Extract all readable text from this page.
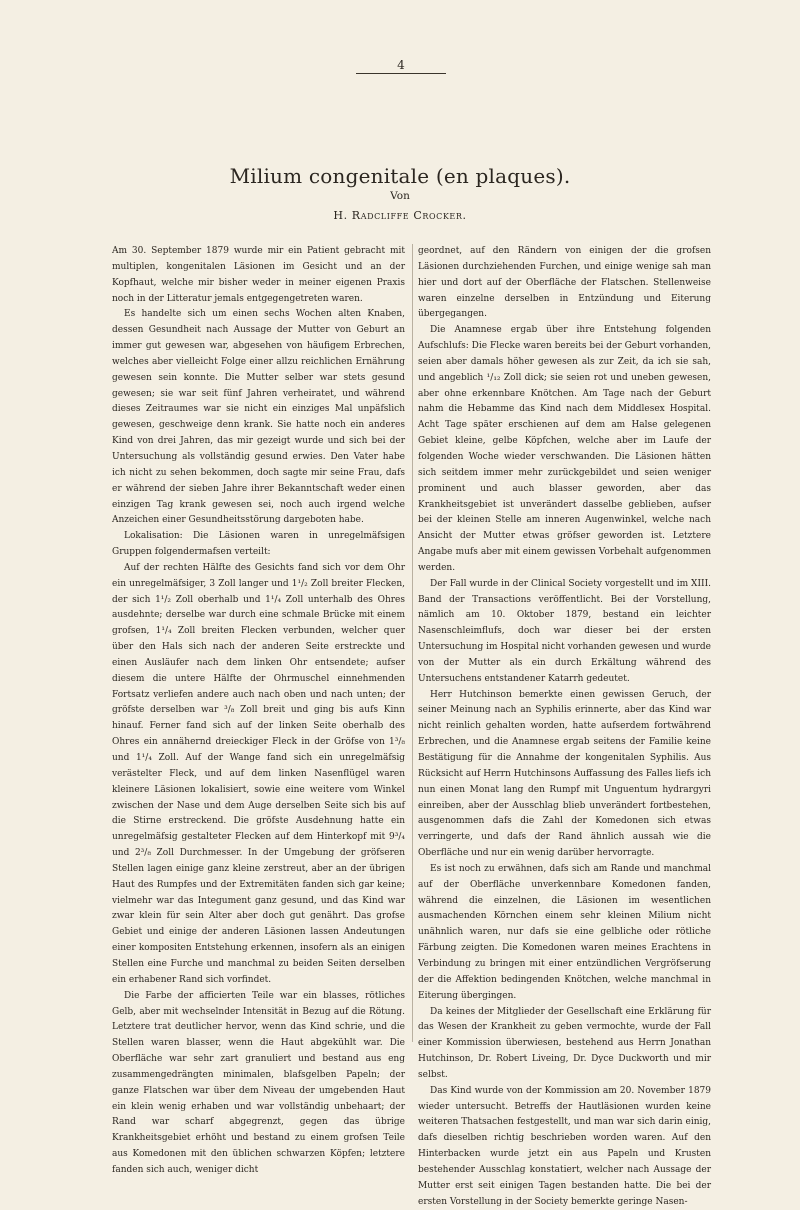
4
Milium congenitale (en plaques).
Von
H. Radcliffe Crocker.

Am 30. September 1879 wurde mir ein Patient gebracht mit multiplen, kongenitalen Läsionen im Gesicht und an der Kopfhaut, welche mir bisher weder in meiner eigenen Praxis noch in der Litteratur jemals entgegengetreten waren.

Es handelte sich um einen sechs Wochen alten Knaben, dessen Gesundheit nach Aussage der Mutter von Geburt an immer gut gewesen war, abgesehen von häufigem Erbrechen, welches aber vielleicht Folge einer allzu reichlichen Ernährung gewesen sein konnte. Die Mutter selber war stets gesund gewesen; sie war seit fünf Jahren verheiratet, und während dieses Zeitraumes war sie nicht ein einziges Mal unpäfslich gewesen, geschweige denn krank. Sie hatte noch ein anderes Kind von drei Jahren, das mir gezeigt wurde und sich bei der Untersuchung als vollständig gesund erwies. Den Vater habe ich nicht zu sehen bekommen, doch sagte mir seine Frau, dafs er während der sieben Jahre ihrer Bekanntschaft weder einen einzigen Tag krank gewesen sei, noch auch irgend welche Anzeichen einer Gesundheitsstörung dargeboten habe.

Lokalisation: Die Läsionen waren in unregelmäfsigen Gruppen folgendermafsen verteilt:

Auf der rechten Hälfte des Gesichts fand sich vor dem Ohr ein unregelmäfsiger, 3 Zoll langer und 1¹/₂ Zoll breiter Flecken, der sich 1¹/₂ Zoll oberhalb und 1¹/₄ Zoll unterhalb des Ohres ausdehnte; derselbe war durch eine schmale Brücke mit einem grofsen, 1¹/₄ Zoll breiten Flecken verbunden, welcher quer über den Hals sich nach der anderen Seite erstreckte und einen Ausläufer nach dem linken Ohr entsendete; aufser diesem die untere Hälfte der Ohrmuschel einnehmenden Fortsatz verliefen andere auch nach oben und nach unten; der gröfste derselben war ³/₈ Zoll breit und ging bis aufs Kinn hinauf. Ferner fand sich auf der linken Seite oberhalb des Ohres ein annähernd dreieckiger Fleck in der Gröfse von 1³/₈ und 1¹/₄ Zoll. Auf der Wange fand sich ein unregelmäfsig verästelter Fleck, und auf dem linken Nasenflügel waren kleinere Läsionen lokalisiert, sowie eine weitere vom Winkel zwischen der Nase und dem Auge derselben Seite sich bis auf die Stirne erstreckend. Die gröfste Ausdehnung hatte ein unregelmäfsig gestalteter Flecken auf dem Hinterkopf mit 9³/₄ und 2³/₈ Zoll Durchmesser. In der Umgebung der gröfseren Stellen lagen einige ganz kleine zerstreut, aber an der übrigen Haut des Rumpfes und der Extremitäten fanden sich gar keine; vielmehr war das Integument ganz gesund, und das Kind war zwar klein für sein Alter aber doch gut genährt. Das grofse Gebiet und einige der anderen Läsionen lassen Andeutungen einer kompositen Entstehung erkennen, insofern als an einigen Stellen eine Furche und manchmal zu beiden Seiten derselben ein erhabener Rand sich vorfindet.

Die Farbe der afficierten Teile war ein blasses, rötliches Gelb, aber mit wechselnder Intensität in Bezug auf die Rötung. Letztere trat deutlicher hervor, wenn das Kind schrie, und die Stellen waren blasser, wenn die Haut abgekühlt war. Die Oberfläche war sehr zart granuliert und bestand aus eng zusammengedrängten minimalen, blafsgelben Papeln; der ganze Flatschen war über dem Niveau der umgebenden Haut ein klein wenig erhaben und war vollständig unbehaart; der Rand war scharf abgegrenzt, gegen das übrige Krankheitsgebiet erhöht und bestand zu einem grofsen Teile aus Komedonen mit den üblichen schwarzen Köpfen; letztere fanden sich auch, weniger dicht

geordnet, auf den Rändern von einigen der die grofsen Läsionen durchziehenden Furchen, und einige wenige sah man hier und dort auf der Oberfläche der Flatschen. Stellenweise waren einzelne derselben in Entzündung und Eiterung übergegangen.

Die Anamnese ergab über ihre Entstehung folgenden Aufschlufs: Die Flecke waren bereits bei der Geburt vorhanden, seien aber damals höher gewesen als zur Zeit, da ich sie sah, und angeblich ¹/₁₂ Zoll dick; sie seien rot und uneben gewesen, aber ohne erkennbare Knötchen. Am Tage nach der Geburt nahm die Hebamme das Kind nach dem Middlesex Hospital. Acht Tage später erschienen auf dem am Halse gelegenen Gebiet kleine, gelbe Köpfchen, welche aber im Laufe der folgenden Woche wieder verschwanden. Die Läsionen hätten sich seitdem immer mehr zurückgebildet und seien weniger prominent und auch blasser geworden, aber das Krankheitsgebiet ist unverändert dasselbe geblieben, aufser bei der kleinen Stelle am inneren Augenwinkel, welche nach Ansicht der Mutter etwas gröfser geworden ist. Letztere Angabe mufs aber mit einem gewissen Vorbehalt aufgenommen werden.

Der Fall wurde in der Clinical Society vorgestellt und im XIII. Band der Transactions veröffentlicht. Bei der Vorstellung, nämlich am 10. Oktober 1879, bestand ein leichter Nasenschleimflufs, doch war dieser bei der ersten Untersuchung im Hospital nicht vorhanden gewesen und wurde von der Mutter als ein durch Erkältung während des Untersuchens entstandener Katarrh gedeutet.

Herr Hutchinson bemerkte einen gewissen Geruch, der seiner Meinung nach an Syphilis erinnerte, aber das Kind war nicht reinlich gehalten worden, hatte aufserdem fortwährend Erbrechen, und die Anamnese ergab seitens der Familie keine Bestätigung für die Annahme der kongenitalen Syphilis. Aus Rücksicht auf Herrn Hutchinsons Auffassung des Falles liefs ich nun einen Monat lang den Rumpf mit Unguentum hydrargyri einreiben, aber der Ausschlag blieb unverändert fortbestehen, ausgenommen dafs die Zahl der Komedonen sich etwas verringerte, und dafs der Rand ähnlich aussah wie die Oberfläche und nur ein wenig darüber hervorragte.

Es ist noch zu erwähnen, dafs sich am Rande und manchmal auf der Oberfläche unverkennbare Komedonen fanden, während die einzelnen, die Läsionen im wesentlichen ausmachenden Körnchen einem sehr kleinen Milium nicht unähnlich waren, nur dafs sie eine gelbliche oder rötliche Färbung zeigten. Die Komedonen waren meines Erachtens in Verbindung zu bringen mit einer entzündlichen Vergröfserung der die Affektion bedingenden Knötchen, welche manchmal in Eiterung übergingen.

Da keines der Mitglieder der Gesellschaft eine Erklärung für das Wesen der Krankheit zu geben vermochte, wurde der Fall einer Kommission überwiesen, bestehend aus Herrn Jonathan Hutchinson, Dr. Robert Liveing, Dr. Dyce Duckworth und mir selbst.

Das Kind wurde von der Kommission am 20. November 1879 wieder untersucht. Betreffs der Hautläsionen wurden keine weiteren Thatsachen festgestellt, und man war sich darin einig, dafs dieselben richtig beschrieben worden waren. Auf den Hinterbacken wurde jetzt ein aus Papeln und Krusten bestehender Ausschlag konstatiert, welcher nach Aussage der Mutter erst seit einigen Tagen bestanden hatte. Die bei der ersten Vorstellung in der Society bemerkte geringe Nasen-
